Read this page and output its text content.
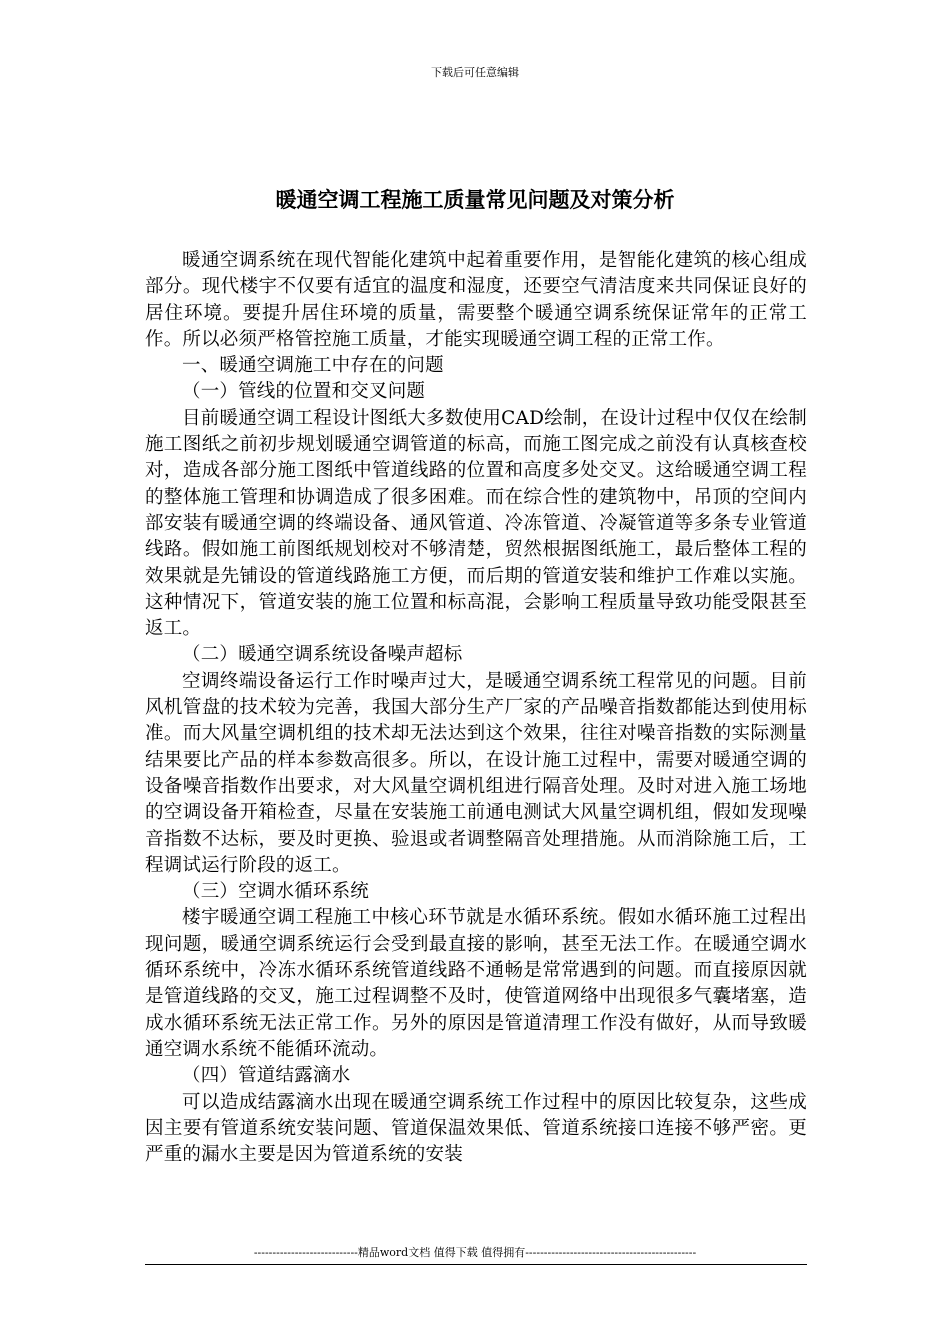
下载后可任意编辑
暖通空调工程施工质量常见问题及对策分析

暖通空调系统在现代智能化建筑中起着重要作用，是智能化建筑的核心组成部分。现代楼宇不仅要有适宜的温度和湿度，还要空气清洁度来共同保证良好的居住环境。要提升居住环境的质量，需要整个暖通空调系统保证常年的正常工作。所以必须严格管控施工质量，才能实现暖通空调工程的正常工作。

一、暖通空调施工中存在的问题

（一）管线的位置和交叉问题

目前暖通空调工程设计图纸大多数使用CAD绘制，在设计过程中仅仅在绘制施工图纸之前初步规划暖通空调管道的标高，而施工图完成之前没有认真核查校对，造成各部分施工图纸中管道线路的位置和高度多处交叉。这给暖通空调工程的整体施工管理和协调造成了很多困难。而在综合性的建筑物中，吊顶的空间内部安装有暖通空调的终端设备、通风管道、冷冻管道、冷凝管道等多条专业管道线路。假如施工前图纸规划校对不够清楚，贸然根据图纸施工，最后整体工程的效果就是先铺设的管道线路施工方便，而后期的管道安装和维护工作难以实施。这种情况下，管道安装的施工位置和标高混，会影响工程质量导致功能受限甚至返工。

（二）暖通空调系统设备噪声超标

空调终端设备运行工作时噪声过大，是暖通空调系统工程常见的问题。目前风机管盘的技术较为完善，我国大部分生产厂家的产品噪音指数都能达到使用标准。而大风量空调机组的技术却无法达到这个效果，往往对噪音指数的实际测量结果要比产品的样本参数高很多。所以，在设计施工过程中，需要对暖通空调的设备噪音指数作出要求，对大风量空调机组进行隔音处理。及时对进入施工场地的空调设备开箱检查，尽量在安装施工前通电测试大风量空调机组，假如发现噪音指数不达标，要及时更换、验退或者调整隔音处理措施。从而消除施工后，工程调试运行阶段的返工。

（三）空调水循环系统

楼宇暖通空调工程施工中核心环节就是水循环系统。假如水循环施工过程出现问题，暖通空调系统运行会受到最直接的影响，甚至无法工作。在暖通空调水循环系统中，冷冻水循环系统管道线路不通畅是常常遇到的问题。而直接原因就是管道线路的交叉，施工过程调整不及时，使管道网络中出现很多气囊堵塞，造成水循环系统无法正常工作。另外的原因是管道清理工作没有做好，从而导致暖通空调水系统不能循环流动。

（四）管道结露滴水

可以造成结露滴水出现在暖通空调系统工作过程中的原因比较复杂，这些成因主要有管道系统安装问题、管道保温效果低、管道系统接口连接不够严密。更严重的漏水主要是因为管道系统的安装

----------------------------精品word文档 值得下载 值得拥有----------------------------------------------
